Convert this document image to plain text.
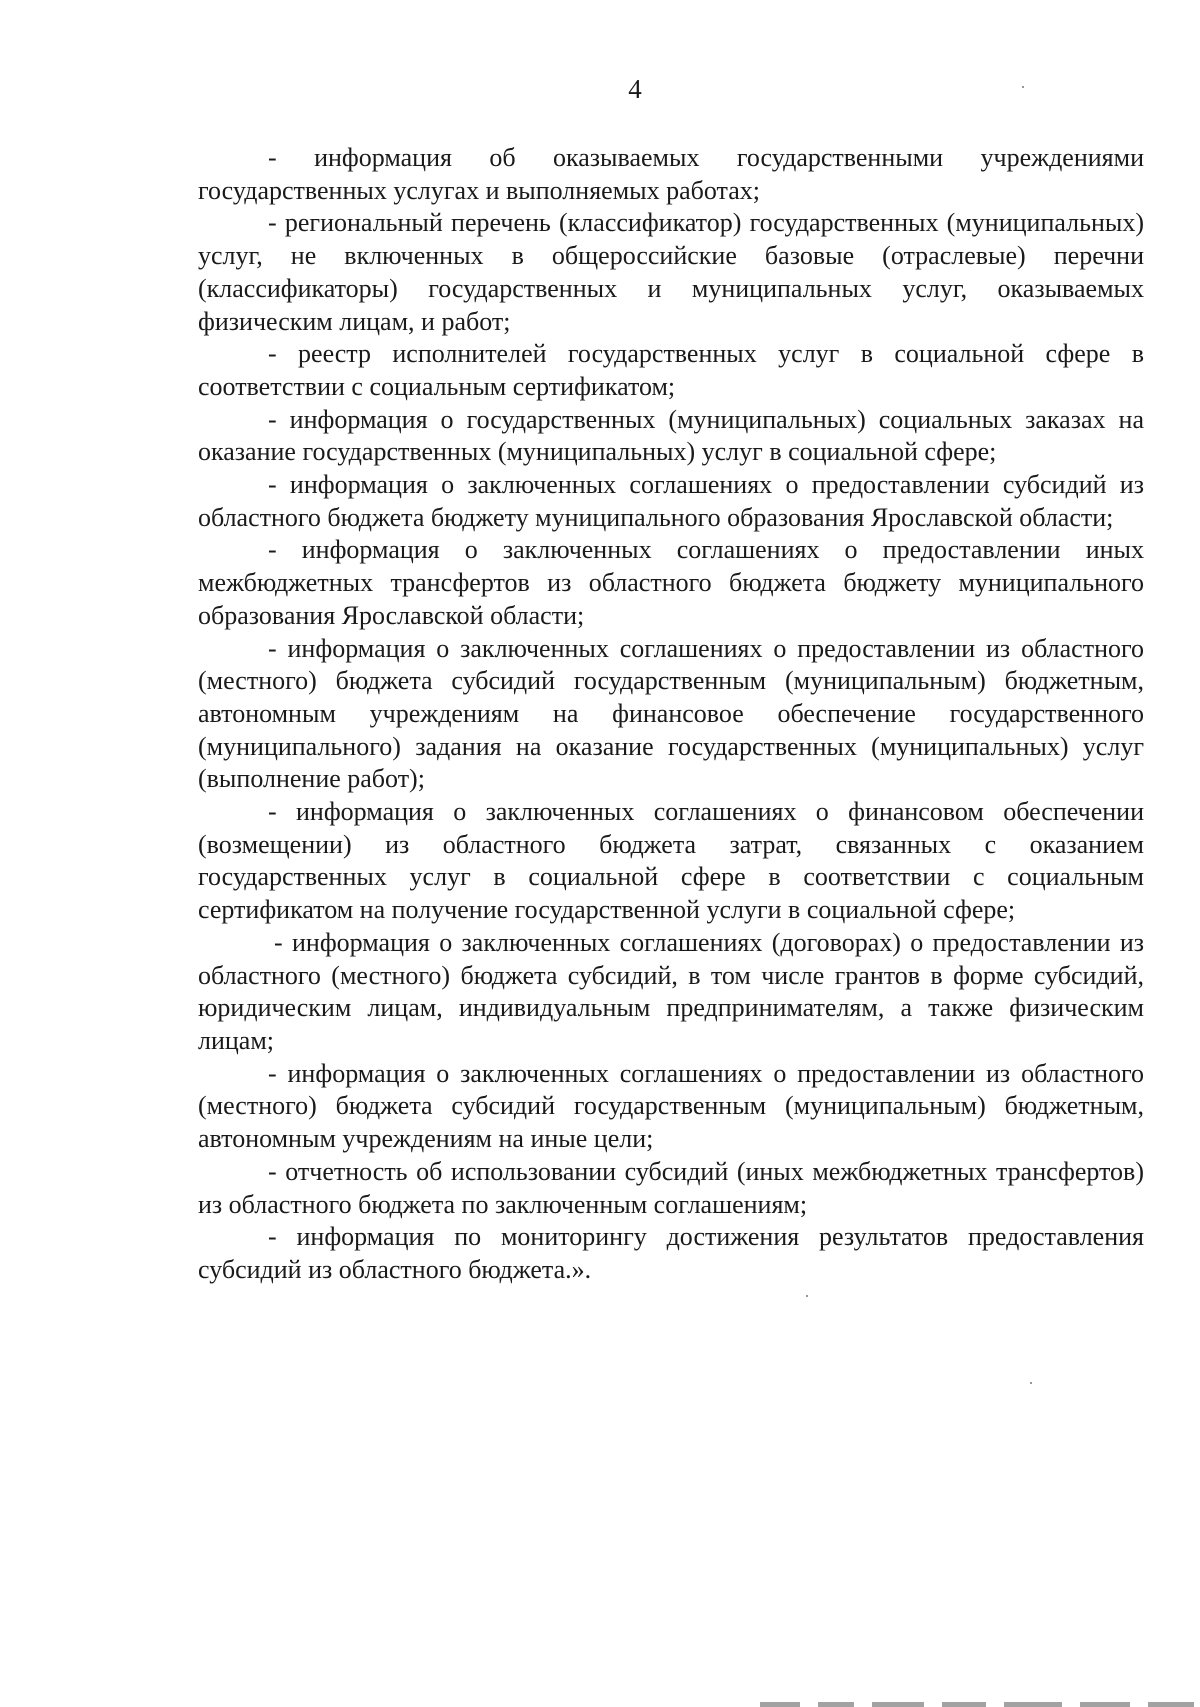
4

- информация об оказываемых государственными учреждениями государственных услугах и выполняемых работах;

- региональный перечень (классификатор) государственных (муниципальных) услуг, не включенных в общероссийские базовые (отраслевые) перечни (классификаторы) государственных и муниципальных услуг, оказываемых физическим лицам, и работ;

- реестр исполнителей государственных услуг в социальной сфере в соответствии с социальным сертификатом;

- информация о государственных (муниципальных) социальных заказах на оказание государственных (муниципальных) услуг в социальной сфере;

- информация о заключенных соглашениях о предоставлении субсидий из областного бюджета бюджету муниципального образования Ярославской области;

- информация о заключенных соглашениях о предоставлении иных межбюджетных трансфертов из областного бюджета бюджету муниципального образования Ярославской области;

- информация о заключенных соглашениях о предоставлении из областного (местного) бюджета субсидий государственным (муниципальным) бюджетным, автономным учреждениям на финансовое обеспечение государственного (муниципального) задания на оказание государственных (муниципальных) услуг (выполнение работ);

- информация о заключенных соглашениях о финансовом обеспечении (возмещении) из областного бюджета затрат, связанных с оказанием государственных услуг в социальной сфере в соответствии с социальным сертификатом на получение государственной услуги в социальной сфере;

- информация о заключенных соглашениях (договорах) о предоставлении из областного (местного) бюджета субсидий, в том числе грантов в форме субсидий, юридическим лицам, индивидуальным предпринимателям, а также физическим лицам;

- информация о заключенных соглашениях о предоставлении из областного (местного) бюджета субсидий государственным (муниципальным) бюджетным, автономным учреждениям на иные цели;

- отчетность об использовании субсидий (иных межбюджетных трансфертов) из областного бюджета по заключенным соглашениям;

- информация по мониторингу достижения результатов предоставления субсидий из областного бюджета.».
